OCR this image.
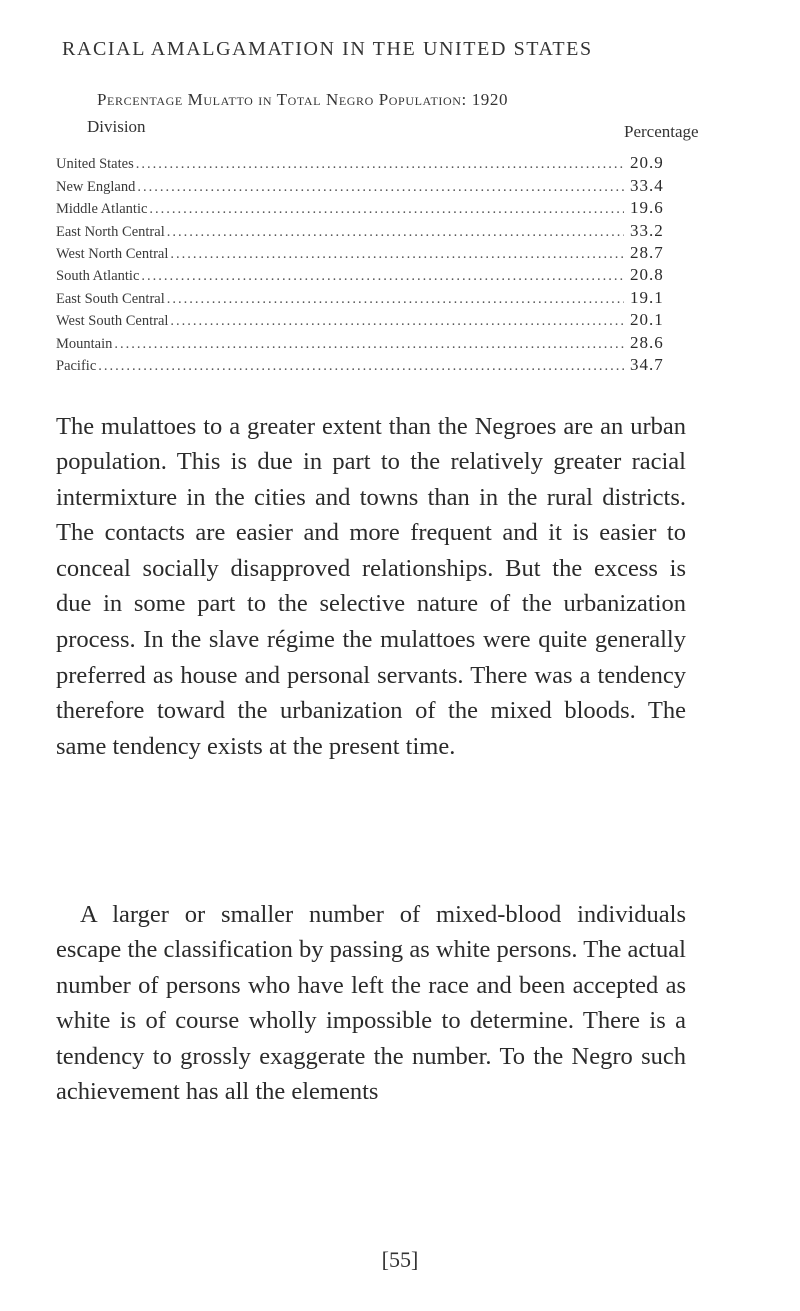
RACIAL AMALGAMATION IN THE UNITED STATES
Percentage Mulatto in Total Negro Population: 1920
Division	Percentage
United States .....	20.9
New England .....	33.4
Middle Atlantic .....	19.6
East North Central .....	33.2
West North Central .....	28.7
South Atlantic .....	20.8
East South Central .....	19.1
West South Central .....	20.1
Mountain .....	28.6
Pacific .....	34.7

The mulattoes to a greater extent than the Negroes are an urban population. This is due in part to the relatively greater racial intermixture in the cities and towns than in the rural districts. The contacts are easier and more frequent and it is easier to conceal socially disapproved relationships. But the excess is due in some part to the selective nature of the urbanization process. In the slave régime the mulattoes were quite generally preferred as house and personal servants. There was a tendency therefore toward the urbanization of the mixed bloods. The same tendency exists at the present time.

A larger or smaller number of mixed-blood individuals escape the classification by passing as white persons. The actual number of persons who have left the race and been accepted as white is of course wholly impossible to determine. There is a tendency to grossly exaggerate the number. To the Negro such achievement has all the elements

[55]
